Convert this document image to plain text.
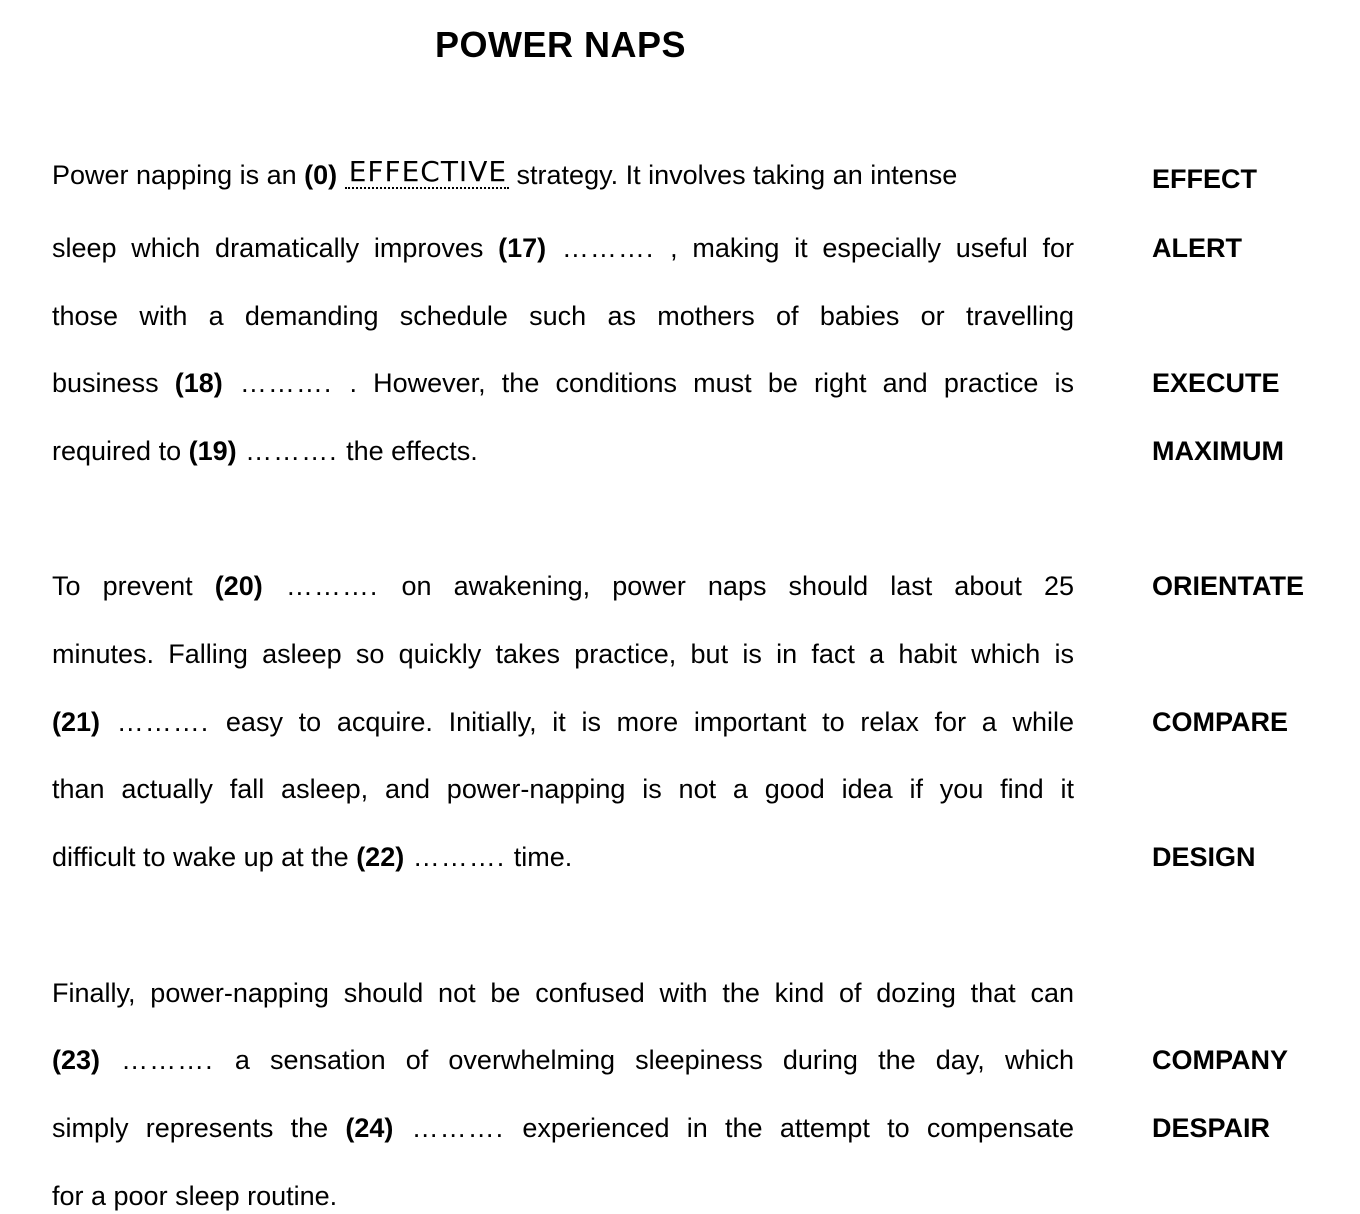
POWER NAPS
Power napping is an (0) EFFECTIVE strategy. It involves taking an intense
sleep which dramatically improves (17) ………. , making it especially useful for
those with a demanding schedule such as mothers of babies or travelling
business (18) ………. . However, the conditions must be right and practice is
required to (19) ………. the effects.
To prevent (20) ………. on awakening, power naps should last about 25
minutes. Falling asleep so quickly takes practice, but is in fact a habit which is
(21) ………. easy to acquire. Initially, it is more important to relax for a while
than actually fall asleep, and power-napping is not a good idea if you find it
difficult to wake up at the (22) ………. time.
Finally, power-napping should not be confused with the kind of dozing that can
(23) ………. a sensation of overwhelming sleepiness during the day, which
simply represents the (24) ………. experienced in the attempt to compensate
for a poor sleep routine.
EFFECT
ALERT
EXECUTE
MAXIMUM
ORIENTATE
COMPARE
DESIGN
COMPANY
DESPAIR
